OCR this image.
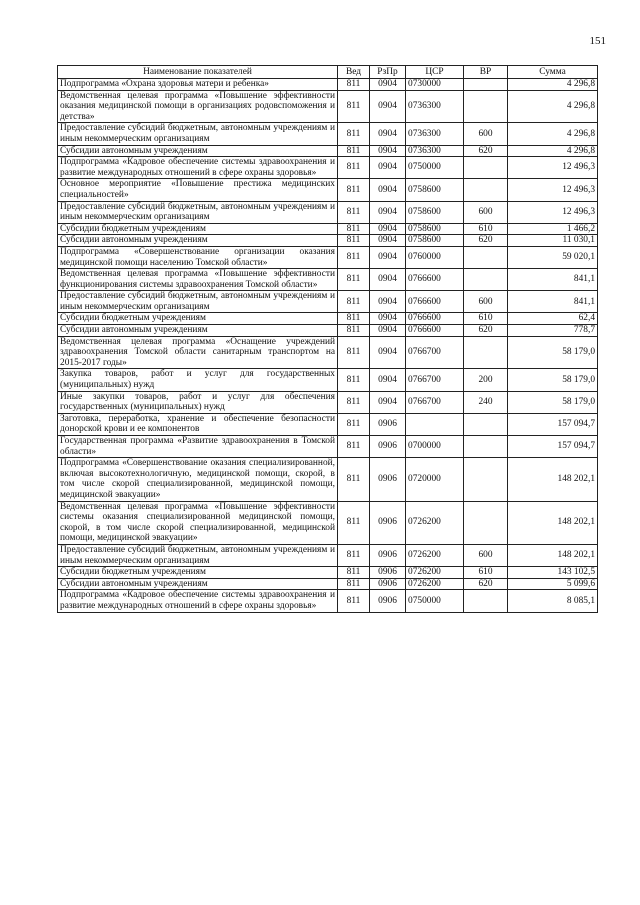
151
Наименование показателей	Вед	РзПр	ЦСР	ВР	Сумма
Подпрограмма «Охрана здоровья матери и ребенка»	811	0904	0730000		4 296,8
Ведомственная целевая программа «Повышение эффективности оказания медицинской помощи в организациях родовспоможения и детства»	811	0904	0736300		4 296,8
Предоставление субсидий бюджетным, автономным учреждениям и иным некоммерческим организациям	811	0904	0736300	600	4 296,8
Субсидии автономным учреждениям	811	0904	0736300	620	4 296,8
Подпрограмма «Кадровое обеспечение системы здравоохранения и развитие международных отношений в сфере охраны здоровья»	811	0904	0750000		12 496,3
Основное мероприятие «Повышение престижа медицинских специальностей»	811	0904	0758600		12 496,3
Предоставление субсидий бюджетным, автономным учреждениям и иным некоммерческим организациям	811	0904	0758600	600	12 496,3
Субсидии бюджетным учреждениям	811	0904	0758600	610	1 466,2
Субсидии автономным учреждениям	811	0904	0758600	620	11 030,1
Подпрограмма «Совершенствование организации оказания медицинской помощи населению Томской области»	811	0904	0760000		59 020,1
Ведомственная целевая программа «Повышение эффективности функционирования системы здравоохранения Томской области»	811	0904	0766600		841,1
Предоставление субсидий бюджетным, автономным учреждениям и иным некоммерческим организациям	811	0904	0766600	600	841,1
Субсидии бюджетным учреждениям	811	0904	0766600	610	62,4
Субсидии автономным учреждениям	811	0904	0766600	620	778,7
Ведомственная целевая программа «Оснащение учреждений здравоохранения Томской области санитарным транспортом на 2015-2017 годы»	811	0904	0766700		58 179,0
Закупка товаров, работ и услуг для государственных (муниципальных) нужд	811	0904	0766700	200	58 179,0
Иные закупки товаров, работ и услуг для обеспечения государственных (муниципальных) нужд	811	0904	0766700	240	58 179,0
Заготовка, переработка, хранение и обеспечение безопасности донорской крови и ее компонентов	811	0906			157 094,7
Государственная программа «Развитие здравоохранения в Томской области»	811	0906	0700000		157 094,7
Подпрограмма «Совершенствование оказания специализированной, включая высокотехнологичную, медицинской помощи, скорой, в том числе скорой специализированной, медицинской помощи, медицинской эвакуации»	811	0906	0720000		148 202,1
Ведомственная целевая программа «Повышение эффективности системы оказания специализированной медицинской помощи, скорой, в том числе скорой специализированной, медицинской помощи, медицинской эвакуации»	811	0906	0726200		148 202,1
Предоставление субсидий бюджетным, автономным учреждениям и иным некоммерческим организациям	811	0906	0726200	600	148 202,1
Субсидии бюджетным учреждениям	811	0906	0726200	610	143 102,5
Субсидии автономным учреждениям	811	0906	0726200	620	5 099,6
Подпрограмма «Кадровое обеспечение системы здравоохранения и развитие международных отношений в сфере охраны здоровья»	811	0906	0750000		8 085,1
